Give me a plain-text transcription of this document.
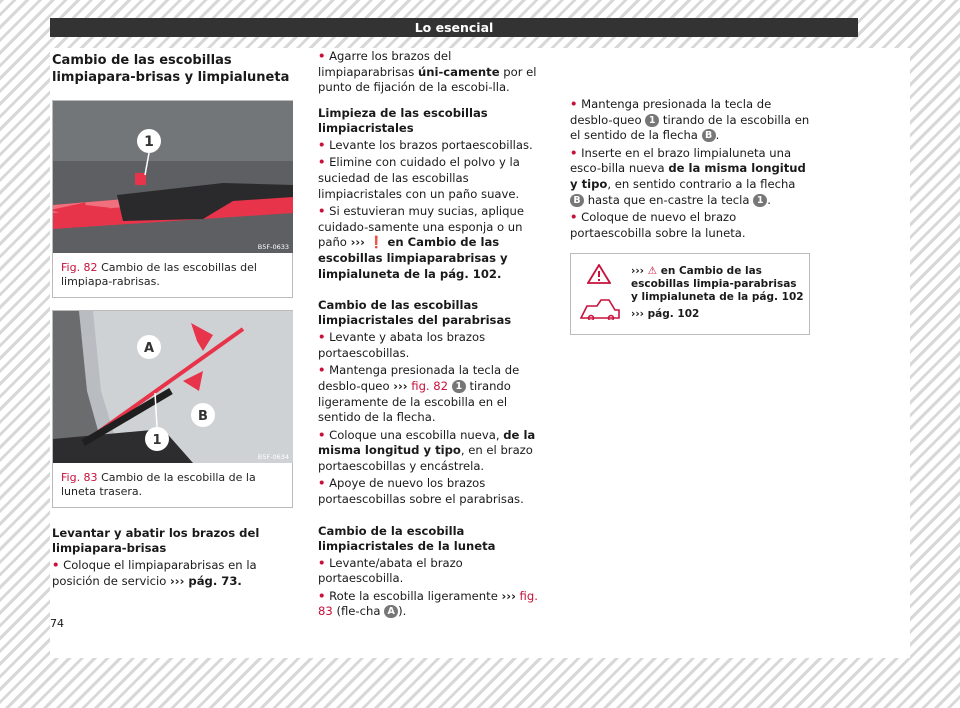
Lo esencial
Cambio de las escobillas limpiapara-brisas y limpialuneta
1
B5F-0633
Fig. 82 Cambio de las escobillas del limpiapa-rabrisas.
A
B
1
B5F-0634
Fig. 83 Cambio de la escobilla de la luneta trasera.
Levantar y abatir los brazos del limpiapara-brisas

• Coloque el limpiaparabrisas en la posición de servicio ››› pág. 73.

• Agarre los brazos del limpiaparabrisas úni-camente por el punto de fijación de la escobi-lla.

Limpieza de las escobillas limpiacristales

• Levante los brazos portaescobillas.

• Elimine con cuidado el polvo y la suciedad de las escobillas limpiacristales con un paño suave.

• Si estuvieran muy sucias, aplique cuidado-samente una esponja o un paño ››› ❗ en Cambio de las escobillas limpiaparabrisas y limpialuneta de la pág. 102.

Cambio de las escobillas limpiacristales del parabrisas

• Levante y abata los brazos portaescobillas.

• Mantenga presionada la tecla de desblo-queo ››› fig. 82 1 tirando ligeramente de la escobilla en el sentido de la flecha.

• Coloque una escobilla nueva, de la misma longitud y tipo, en el brazo portaescobillas y encástrela.

• Apoye de nuevo los brazos portaescobillas sobre el parabrisas.

Cambio de la escobilla limpiacristales de la luneta

• Levante/abata el brazo portaescobilla.

• Rote la escobilla ligeramente ››› fig. 83 (fle-cha A ).

• Mantenga presionada la tecla de desblo-queo 1 tirando de la escobilla en el sentido de la flecha B .

• Inserte en el brazo limpialuneta una esco-billa nueva de la misma longitud y tipo, en sentido contrario a la flecha B hasta que en-castre la tecla 1 .

• Coloque de nuevo el brazo portaescobilla sobre la luneta.

››› ⚠ en Cambio de las escobillas limpia-parabrisas y limpialuneta de la pág. 102
››› pág. 102
74
